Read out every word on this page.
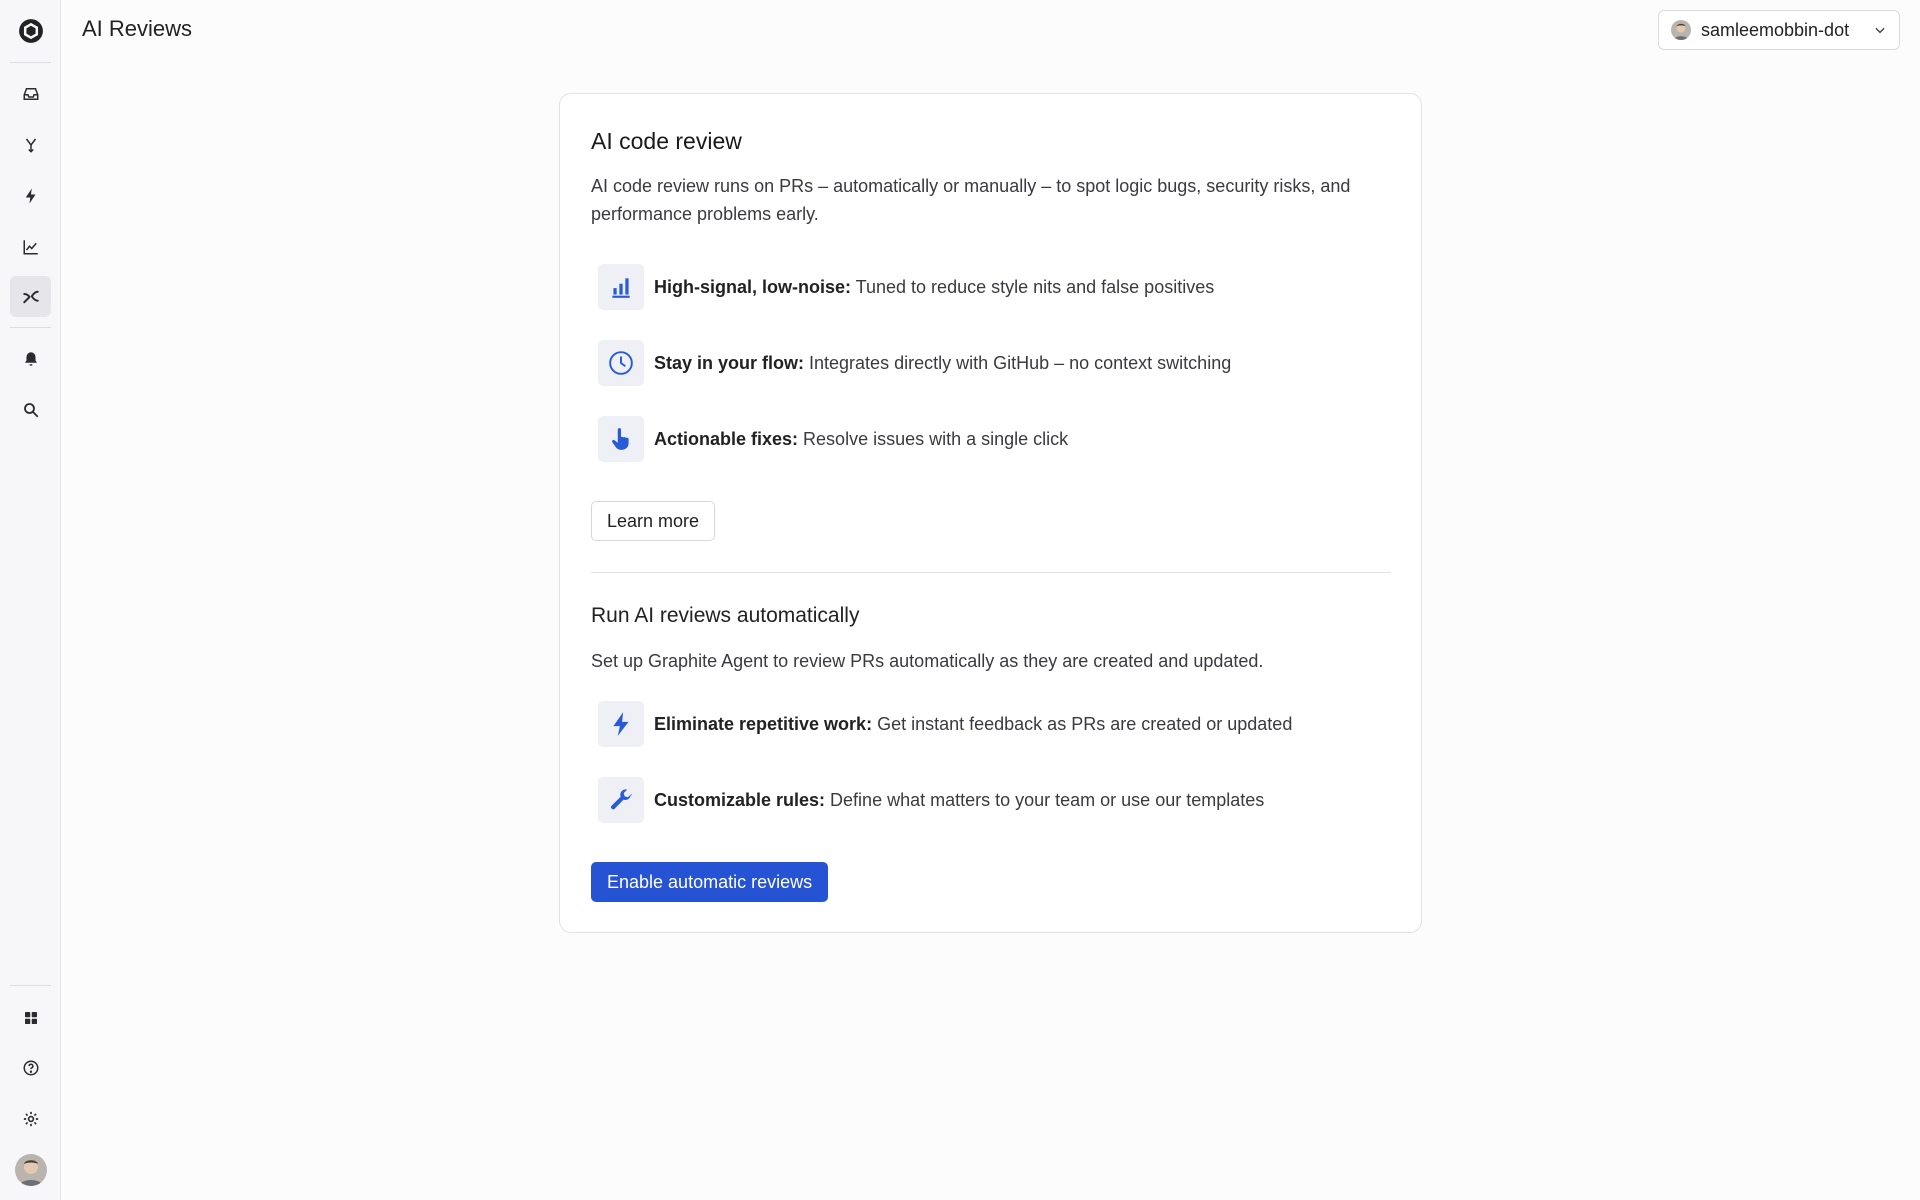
AI Reviews	samleemobbin-dot
AI code review
AI code review runs on PRs – automatically or manually – to spot logic bugs, security risks, and performance problems early.
High-signal, low-noise: Tuned to reduce style nits and false positives
Stay in your flow: Integrates directly with GitHub – no context switching
Actionable fixes: Resolve issues with a single click
Learn more
Run AI reviews automatically
Set up Graphite Agent to review PRs automatically as they are created and updated.
Eliminate repetitive work: Get instant feedback as PRs are created or updated
Customizable rules: Define what matters to your team or use our templates
Enable automatic reviews
